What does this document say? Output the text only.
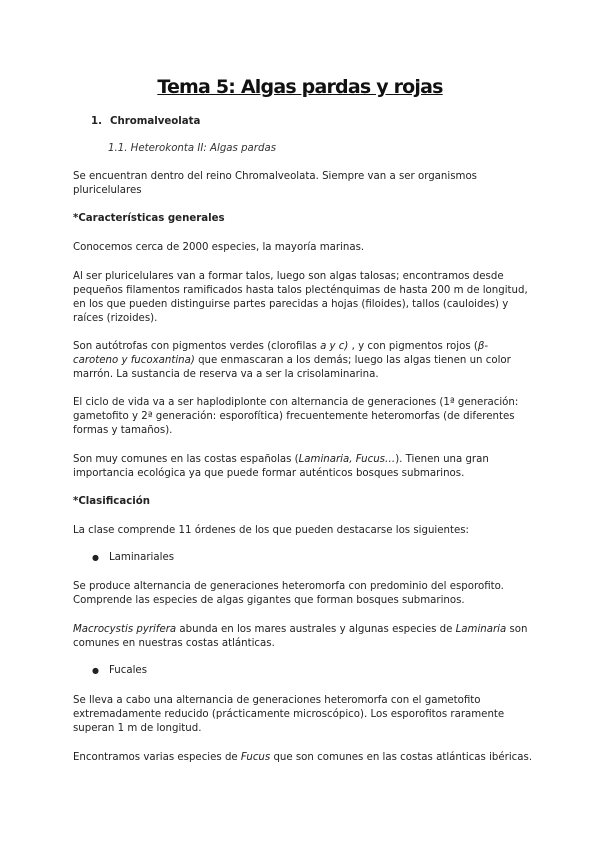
Tema 5: Algas pardas y rojas
1. Chromalveolata
1.1. Heterokonta II: Algas pardas

Se encuentran dentro del reino Chromalveolata. Siempre van a ser organismos pluricelulares

*Características generales

Conocemos cerca de 2000 especies, la mayoría marinas.

Al ser pluricelulares van a formar talos, luego son algas talosas; encontramos desde pequeños filamentos ramificados hasta talos plecténquimas de hasta 200 m de longitud, en los que pueden distinguirse partes parecidas a hojas (filoides), tallos (cauloides) y raíces (rizoides).

Son autótrofas con pigmentos verdes (clorofilas a y c) , y con pigmentos rojos (β-caroteno y fucoxantina) que enmascaran a los demás; luego las algas tienen un color marrón. La sustancia de reserva va a ser la crisolaminarina.

El ciclo de vida va a ser haplodiplonte con alternancia de generaciones (1ª generación: gametofito y 2ª generación: esporofítica) frecuentemente heteromorfas (de diferentes formas y tamaños).

Son muy comunes en las costas españolas (Laminaria, Fucus…). Tienen una gran importancia ecológica ya que puede formar auténticos bosques submarinos.

*Clasificación

La clase comprende 11 órdenes de los que pueden destacarse los siguientes:

● Laminariales

Se produce alternancia de generaciones heteromorfa con predominio del esporofito. Comprende las especies de algas gigantes que forman bosques submarinos.

Macrocystis pyrifera abunda en los mares australes y algunas especies de Laminaria son comunes en nuestras costas atlánticas.

● Fucales

Se lleva a cabo una alternancia de generaciones heteromorfa con el gametofito extremadamente reducido (prácticamente microscópico). Los esporofitos raramente superan 1 m de longitud.

Encontramos varias especies de Fucus que son comunes en las costas atlánticas ibéricas.
